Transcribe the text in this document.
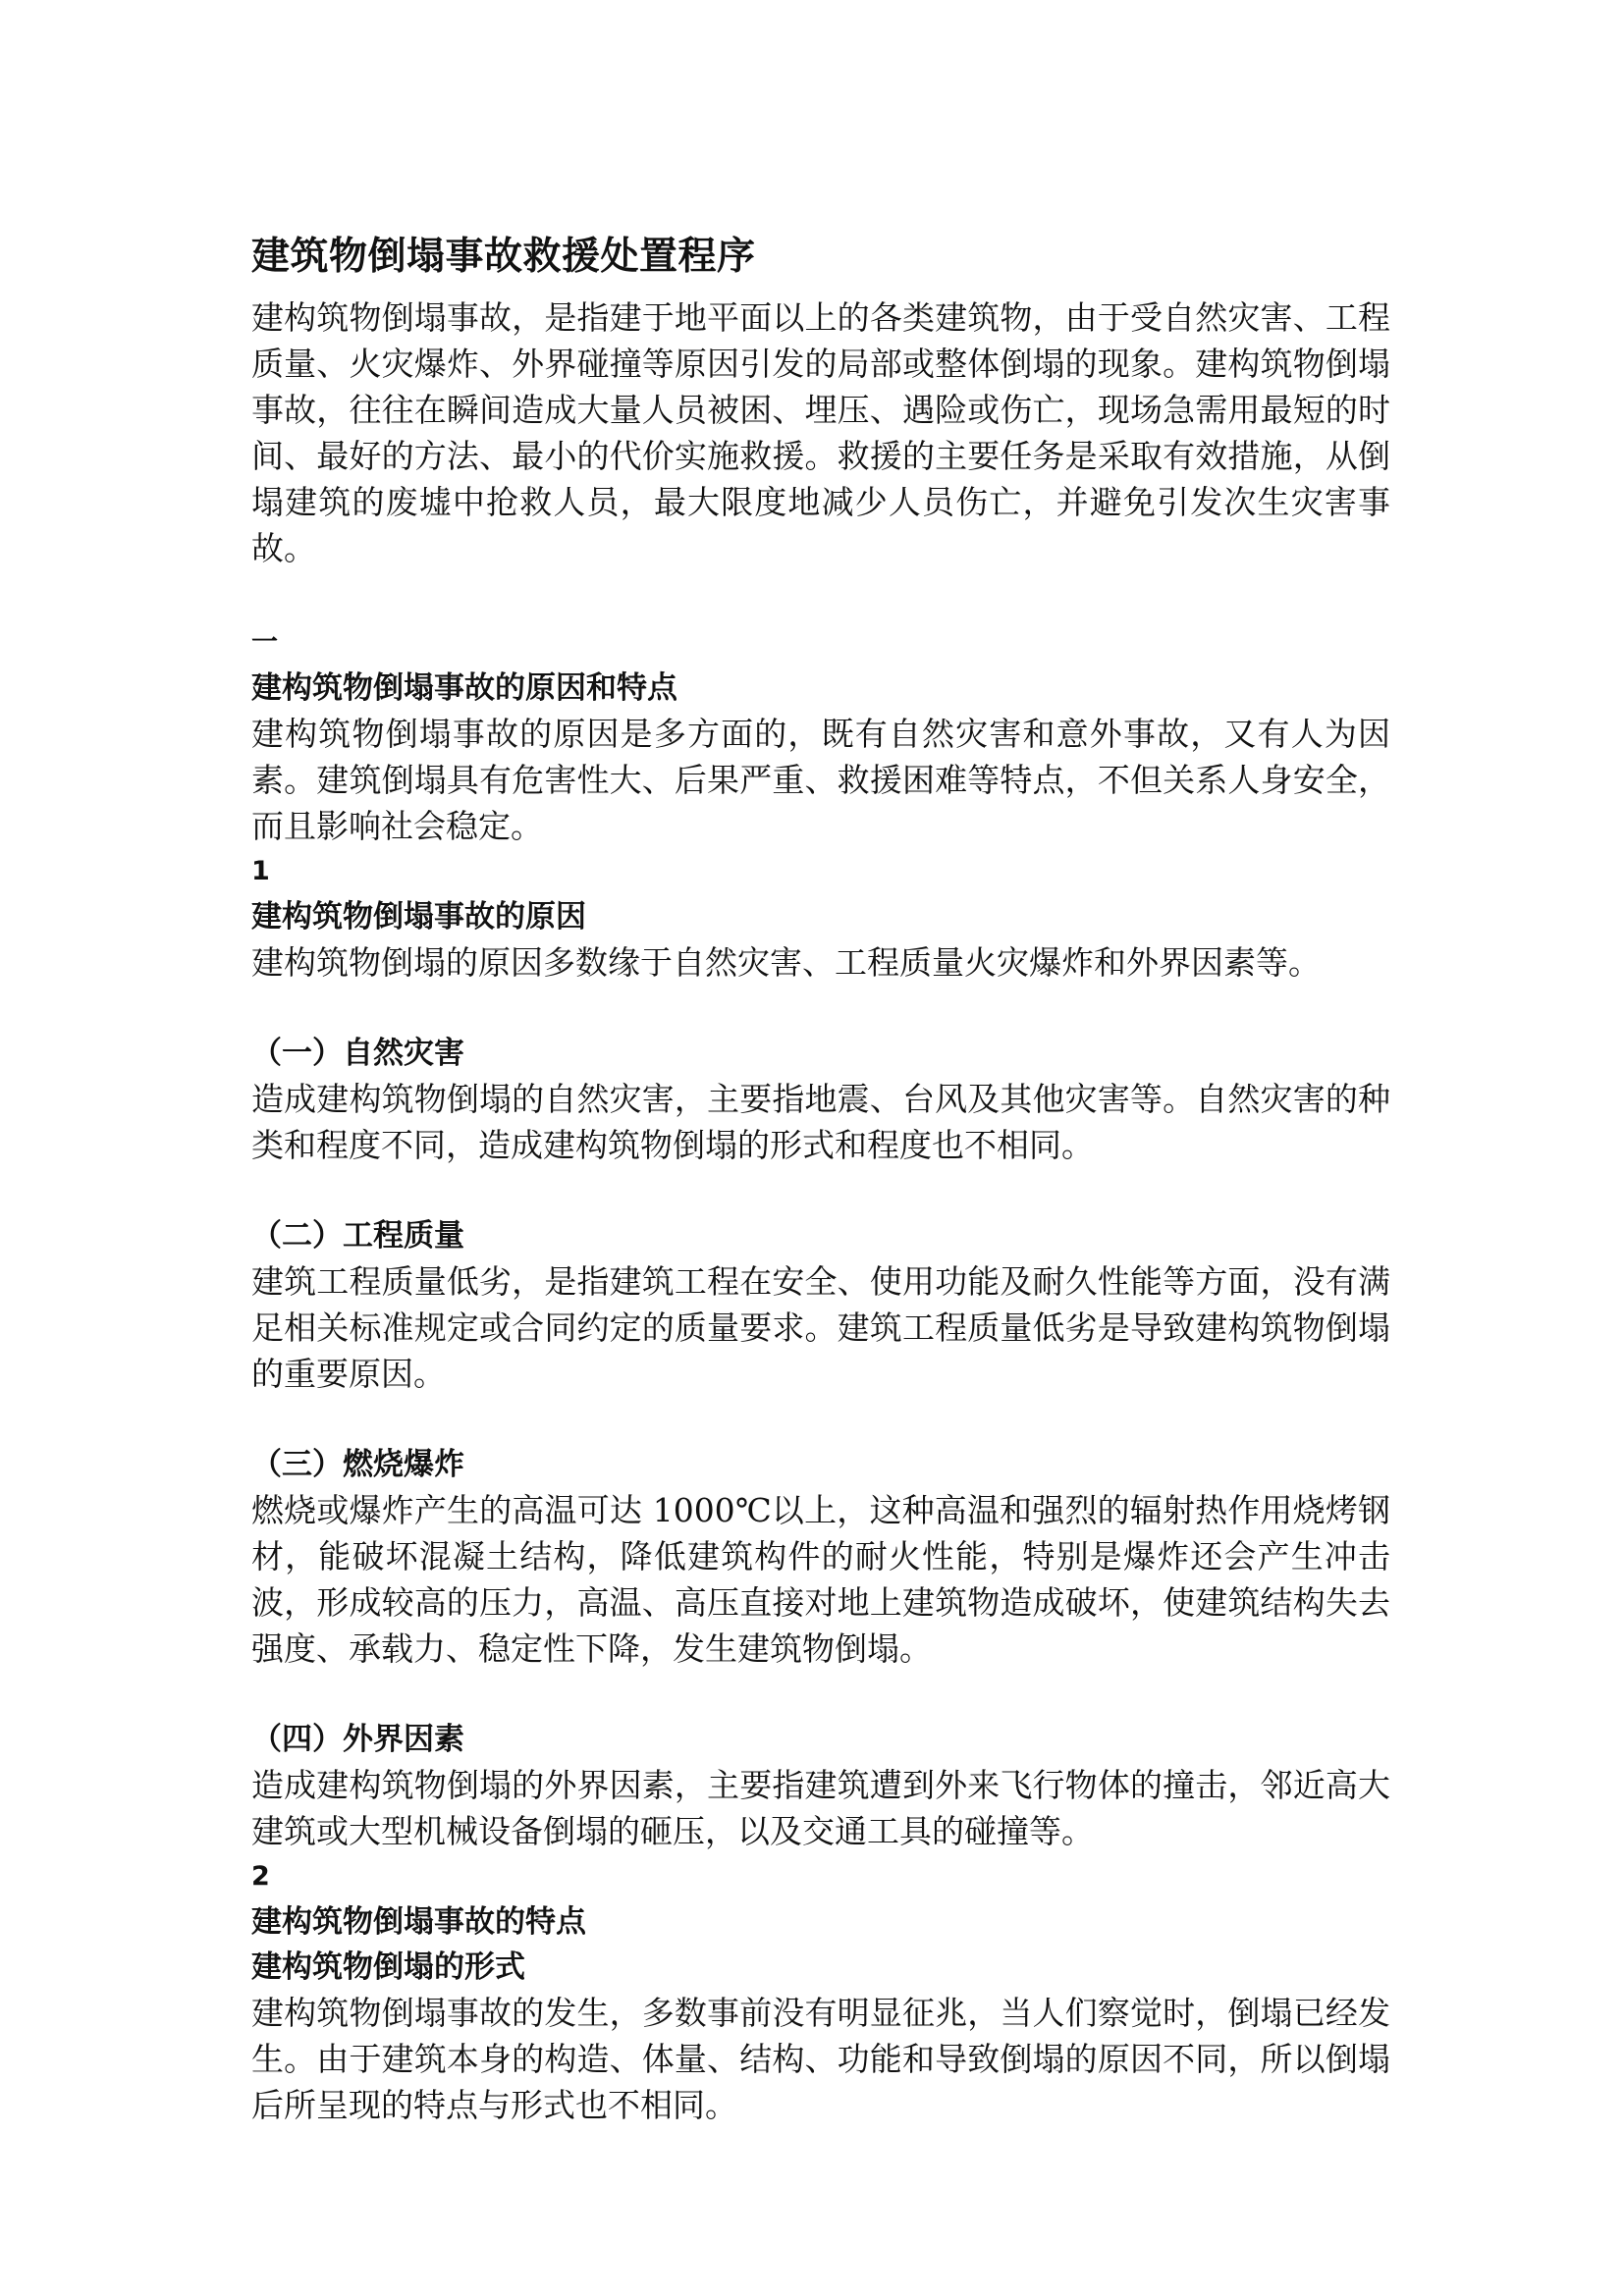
建筑物倒塌事故救援处置程序

建构筑物倒塌事故，是指建于地平面以上的各类建筑物，由于受自然灾害、工程质量、火灾爆炸、外界碰撞等原因引发的局部或整体倒塌的现象。建构筑物倒塌事故，往往在瞬间造成大量人员被困、埋压、遇险或伤亡，现场急需用最短的时间、最好的方法、最小的代价实施救援。救援的主要任务是采取有效措施，从倒塌建筑的废墟中抢救人员，最大限度地减少人员伤亡，并避免引发次生灾害事故。

一
建构筑物倒塌事故的原因和特点

建构筑物倒塌事故的原因是多方面的，既有自然灾害和意外事故，又有人为因素。建筑倒塌具有危害性大、后果严重、救援困难等特点，不但关系人身安全，而且影响社会稳定。

1
建构筑物倒塌事故的原因

建构筑物倒塌的原因多数缘于自然灾害、工程质量火灾爆炸和外界因素等。

（一）自然灾害

造成建构筑物倒塌的自然灾害，主要指地震、台风及其他灾害等。自然灾害的种类和程度不同，造成建构筑物倒塌的形式和程度也不相同。

（二）工程质量

建筑工程质量低劣，是指建筑工程在安全、使用功能及耐久性能等方面，没有满足相关标准规定或合同约定的质量要求。建筑工程质量低劣是导致建构筑物倒塌的重要原因。

（三）燃烧爆炸

燃烧或爆炸产生的高温可达 1000℃以上，这种高温和强烈的辐射热作用烧烤钢材，能破坏混凝土结构，降低建筑构件的耐火性能，特别是爆炸还会产生冲击波，形成较高的压力，高温、高压直接对地上建筑物造成破坏，使建筑结构失去强度、承载力、稳定性下降，发生建筑物倒塌。

（四）外界因素

造成建构筑物倒塌的外界因素，主要指建筑遭到外来飞行物体的撞击，邻近高大建筑或大型机械设备倒塌的砸压，以及交通工具的碰撞等。

2
建构筑物倒塌事故的特点
建构筑物倒塌的形式

建构筑物倒塌事故的发生，多数事前没有明显征兆，当人们察觉时，倒塌已经发生。由于建筑本身的构造、体量、结构、功能和导致倒塌的原因不同，所以倒塌后所呈现的特点与形式也不相同。
